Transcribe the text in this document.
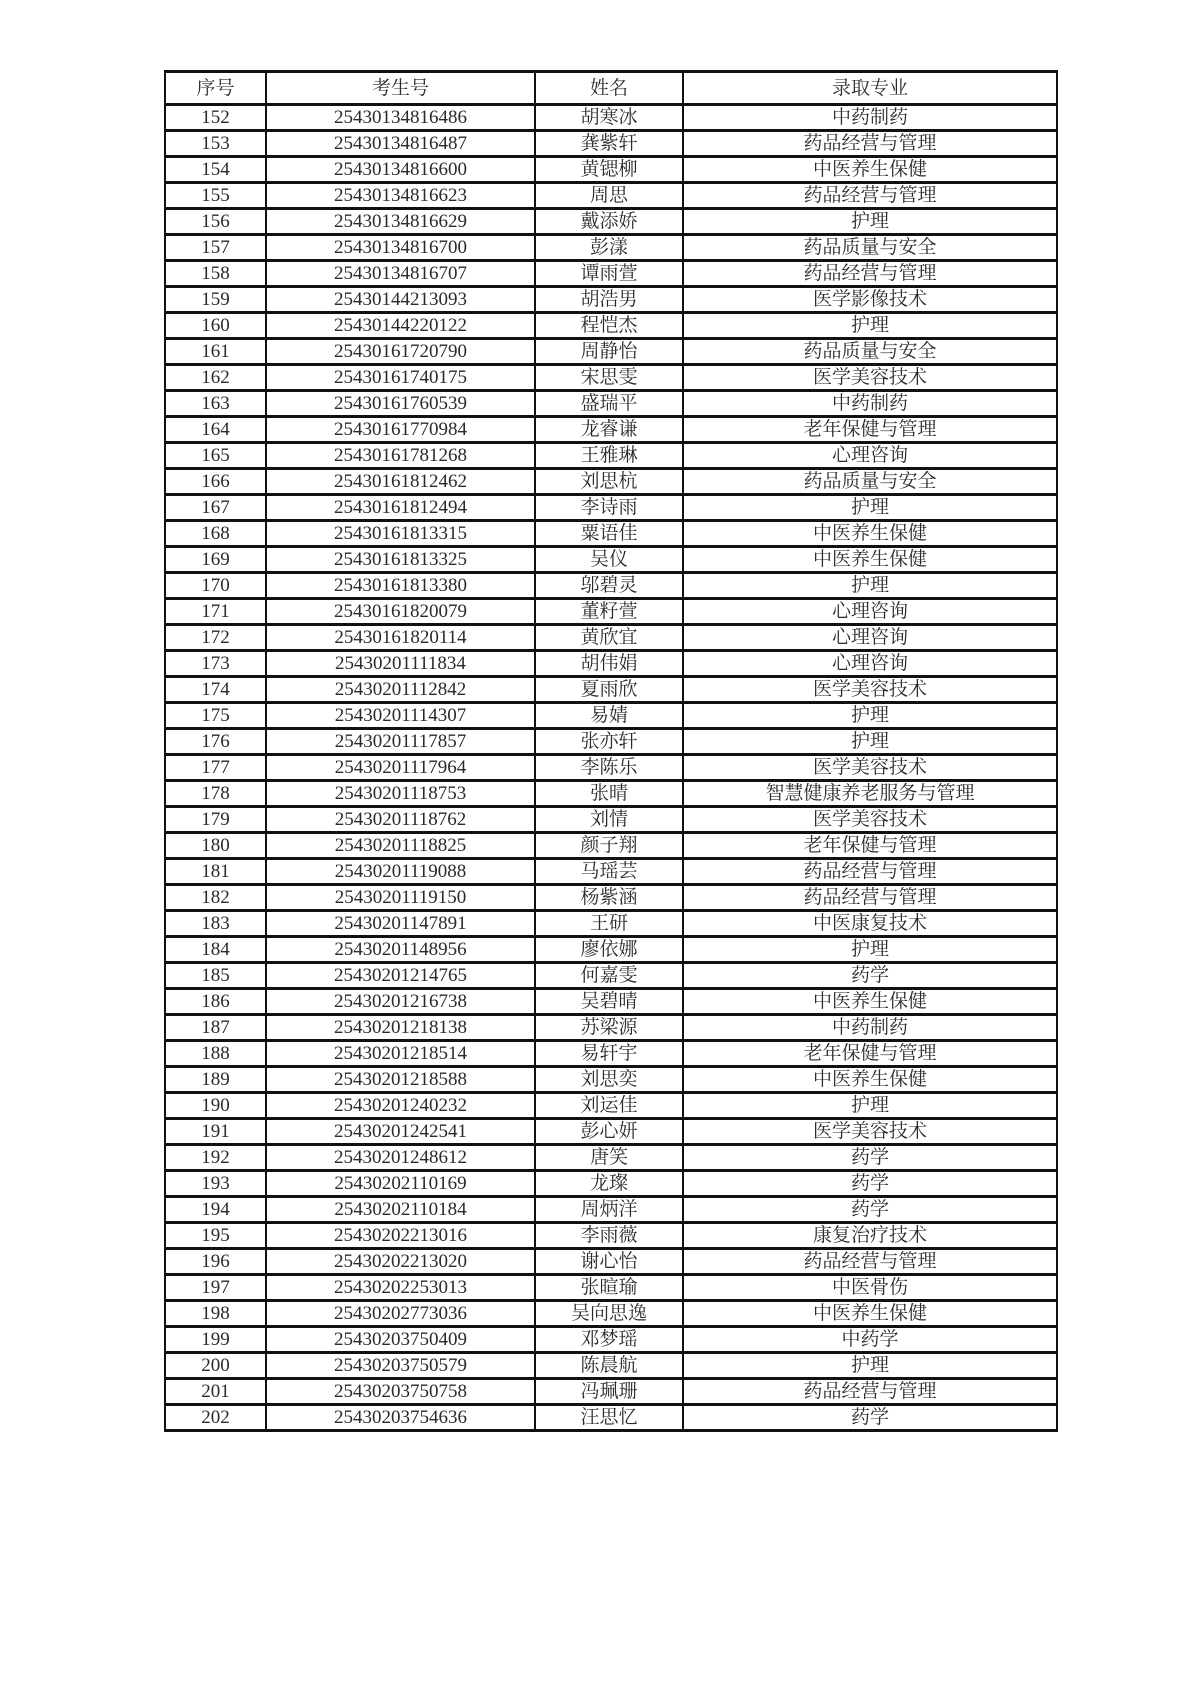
序号	考生号	姓名	录取专业
152	25430134816486	胡寒冰	中药制药
153	25430134816487	龚紫轩	药品经营与管理
154	25430134816600	黄锶柳	中医养生保健
155	25430134816623	周思	药品经营与管理
156	25430134816629	戴添娇	护理
157	25430134816700	彭漾	药品质量与安全
158	25430134816707	谭雨萱	药品经营与管理
159	25430144213093	胡浩男	医学影像技术
160	25430144220122	程恺杰	护理
161	25430161720790	周静怡	药品质量与安全
162	25430161740175	宋思雯	医学美容技术
163	25430161760539	盛瑞平	中药制药
164	25430161770984	龙睿谦	老年保健与管理
165	25430161781268	王雅琳	心理咨询
166	25430161812462	刘思杭	药品质量与安全
167	25430161812494	李诗雨	护理
168	25430161813315	粟语佳	中医养生保健
169	25430161813325	吴仪	中医养生保健
170	25430161813380	邬碧灵	护理
171	25430161820079	董籽萱	心理咨询
172	25430161820114	黄欣宜	心理咨询
173	25430201111834	胡伟娟	心理咨询
174	25430201112842	夏雨欣	医学美容技术
175	25430201114307	易婧	护理
176	25430201117857	张亦轩	护理
177	25430201117964	李陈乐	医学美容技术
178	25430201118753	张晴	智慧健康养老服务与管理
179	25430201118762	刘情	医学美容技术
180	25430201118825	颜子翔	老年保健与管理
181	25430201119088	马瑶芸	药品经营与管理
182	25430201119150	杨紫涵	药品经营与管理
183	25430201147891	王研	中医康复技术
184	25430201148956	廖依娜	护理
185	25430201214765	何嘉雯	药学
186	25430201216738	吴碧晴	中医养生保健
187	25430201218138	苏梁源	中药制药
188	25430201218514	易轩宇	老年保健与管理
189	25430201218588	刘思奕	中医养生保健
190	25430201240232	刘运佳	护理
191	25430201242541	彭心妍	医学美容技术
192	25430201248612	唐笑	药学
193	25430202110169	龙璨	药学
194	25430202110184	周炳洋	药学
195	25430202213016	李雨薇	康复治疗技术
196	25430202213020	谢心怡	药品经营与管理
197	25430202253013	张暄瑜	中医骨伤
198	25430202773036	吴向思逸	中医养生保健
199	25430203750409	邓梦瑶	中药学
200	25430203750579	陈晨航	护理
201	25430203750758	冯珮珊	药品经营与管理
202	25430203754636	汪思忆	药学
